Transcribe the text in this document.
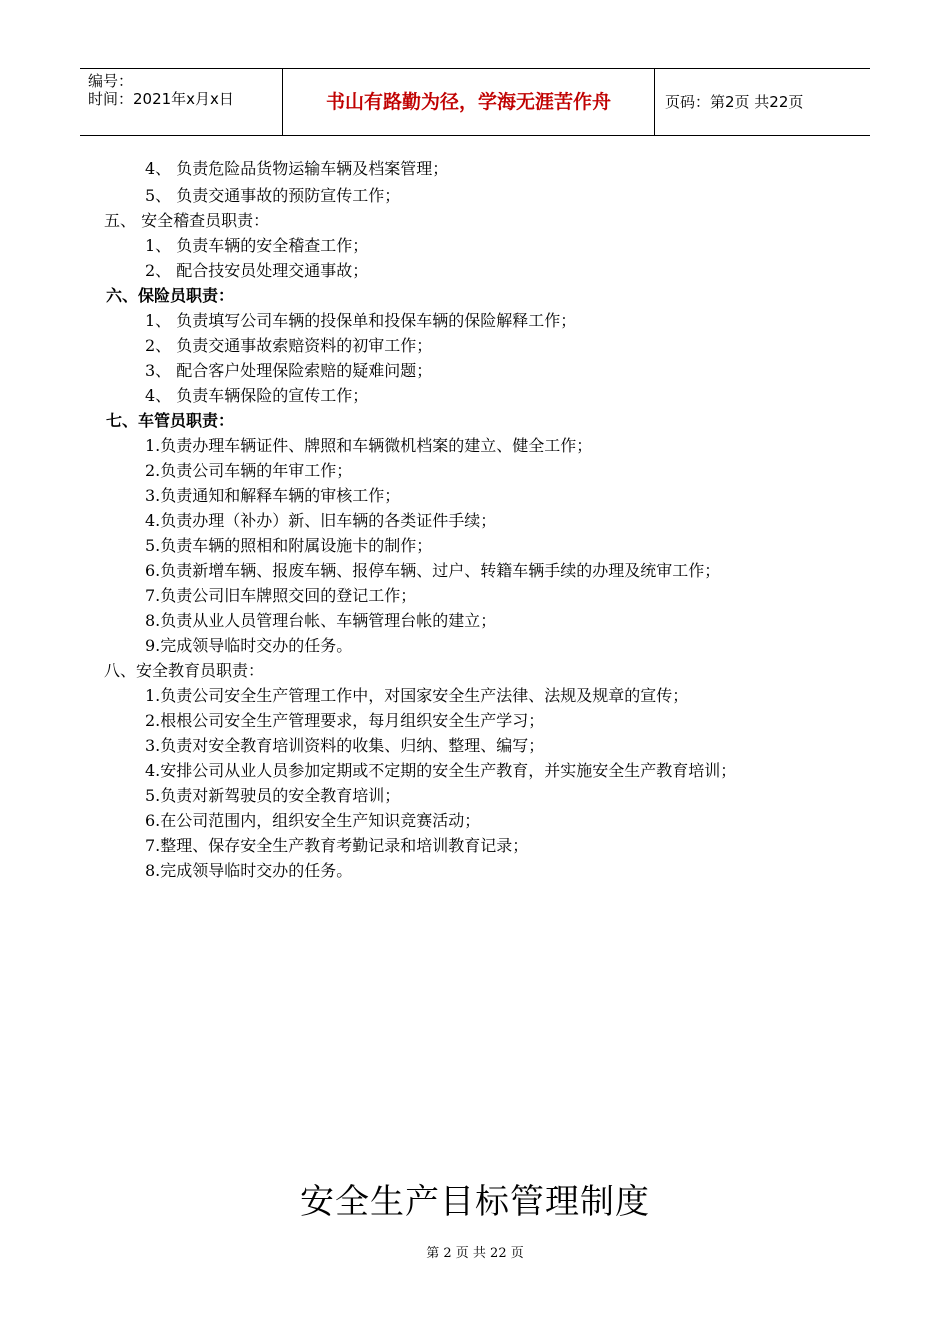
编号：
时间：2021年x月x日	书山有路勤为径，学海无涯苦作舟	页码：第2页 共22页
4、 负责危险品货物运输车辆及档案管理；
5、 负责交通事故的预防宣传工作；
五、 安全稽查员职责：
1、 负责车辆的安全稽查工作；
2、 配合技安员处理交通事故；
六、保险员职责：
1、 负责填写公司车辆的投保单和投保车辆的保险解释工作；
2、 负责交通事故索赔资料的初审工作；
3、 配合客户处理保险索赔的疑难问题；
4、 负责车辆保险的宣传工作；
七、车管员职责：
1.负责办理车辆证件、牌照和车辆微机档案的建立、健全工作；
2.负责公司车辆的年审工作；
3.负责通知和解释车辆的审核工作；
4.负责办理（补办）新、旧车辆的各类证件手续；
5.负责车辆的照相和附属设施卡的制作；
6.负责新增车辆、报废车辆、报停车辆、过户、转籍车辆手续的办理及统审工作；
7.负责公司旧车牌照交回的登记工作；
8.负责从业人员管理台帐、车辆管理台帐的建立；
9.完成领导临时交办的任务。
八、安全教育员职责：
1.负责公司安全生产管理工作中，对国家安全生产法律、法规及规章的宣传；
2.根根公司安全生产管理要求，每月组织安全生产学习；
3.负责对安全教育培训资料的收集、归纳、整理、编写；
4.安排公司从业人员参加定期或不定期的安全生产教育，并实施安全生产教育培训；
5.负责对新驾驶员的安全教育培训；
6.在公司范围内，组织安全生产知识竞赛活动；
7.整理、保存安全生产教育考勤记录和培训教育记录；
8.完成领导临时交办的任务。
安全生产目标管理制度
第 2 页 共 22 页
